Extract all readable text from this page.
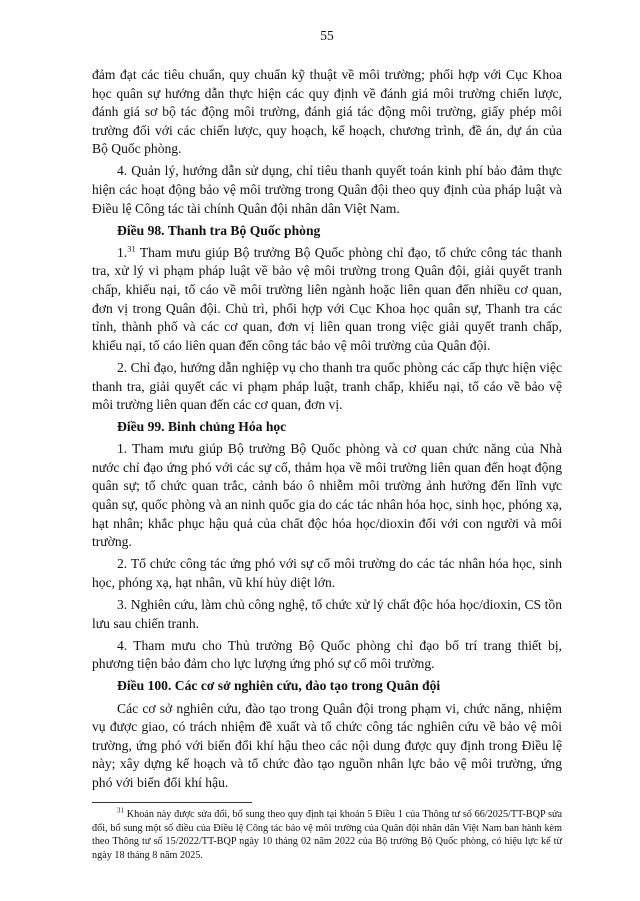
55

đảm đạt các tiêu chuẩn, quy chuẩn kỹ thuật về môi trường; phối hợp với Cục Khoa học quân sự hướng dẫn thực hiện các quy định về đánh giá môi trường chiến lược, đánh giá sơ bộ tác động môi trường, đánh giá tác động môi trường, giấy phép môi trường đối với các chiến lược, quy hoạch, kế hoạch, chương trình, đề án, dự án của Bộ Quốc phòng.

4. Quản lý, hướng dẫn sử dụng, chỉ tiêu thanh quyết toán kinh phí bảo đảm thực hiện các hoạt động bảo vệ môi trường trong Quân đội theo quy định của pháp luật và Điều lệ Công tác tài chính Quân đội nhân dân Việt Nam.

Điều 98. Thanh tra Bộ Quốc phòng

1.31 Tham mưu giúp Bộ trưởng Bộ Quốc phòng chỉ đạo, tổ chức công tác thanh tra, xử lý vi phạm pháp luật về bảo vệ môi trường trong Quân đội, giải quyết tranh chấp, khiếu nại, tố cáo về môi trường liên ngành hoặc liên quan đến nhiều cơ quan, đơn vị trong Quân đội. Chủ trì, phối hợp với Cục Khoa học quân sự, Thanh tra các tỉnh, thành phố và các cơ quan, đơn vị liên quan trong việc giải quyết tranh chấp, khiếu nại, tố cáo liên quan đến công tác bảo vệ môi trường của Quân đội.

2. Chỉ đạo, hướng dẫn nghiệp vụ cho thanh tra quốc phòng các cấp thực hiện việc thanh tra, giải quyết các vi phạm pháp luật, tranh chấp, khiếu nại, tố cáo về bảo vệ môi trường liên quan đến các cơ quan, đơn vị.

Điều 99. Binh chủng Hóa học

1. Tham mưu giúp Bộ trưởng Bộ Quốc phòng và cơ quan chức năng của Nhà nước chỉ đạo ứng phó với các sự cố, thảm họa về môi trường liên quan đến hoạt động quân sự; tổ chức quan trắc, cảnh báo ô nhiễm môi trường ảnh hưởng đến lĩnh vực quân sự, quốc phòng và an ninh quốc gia do các tác nhân hóa học, sinh học, phóng xạ, hạt nhân; khắc phục hậu quả của chất độc hóa học/dioxin đối với con người và môi trường.

2. Tổ chức công tác ứng phó với sự cố môi trường do các tác nhân hóa học, sinh học, phóng xạ, hạt nhân, vũ khí hủy diệt lớn.

3. Nghiên cứu, làm chủ công nghệ, tổ chức xử lý chất độc hóa học/dioxin, CS tồn lưu sau chiến tranh.

4. Tham mưu cho Thủ trưởng Bộ Quốc phòng chỉ đạo bố trí trang thiết bị, phương tiện bảo đảm cho lực lượng ứng phó sự cố môi trường.

Điều 100. Các cơ sở nghiên cứu, đào tạo trong Quân đội

Các cơ sở nghiên cứu, đào tạo trong Quân đội trong phạm vi, chức năng, nhiệm vụ được giao, có trách nhiệm đề xuất và tổ chức công tác nghiên cứu về bảo vệ môi trường, ứng phó với biến đổi khí hậu theo các nội dung được quy định trong Điều lệ này; xây dựng kế hoạch và tổ chức đào tạo nguồn nhân lực bảo vệ môi trường, ứng phó với biến đổi khí hậu.

$^{31}$ Khoản này được sửa đổi, bổ sung theo quy định tại khoản 5 Điều 1 của Thông tư số 66/2025/TT-BQP sửa đổi, bổ sung một số điều của Điều lệ Công tác bảo vệ môi trường của Quân đội nhân dân Việt Nam ban hành kèm theo Thông tư số 15/2022/TT-BQP ngày 10 tháng 02 năm 2022 của Bộ trưởng Bộ Quốc phòng, có hiệu lực kể từ ngày 18 tháng 8 năm 2025.
